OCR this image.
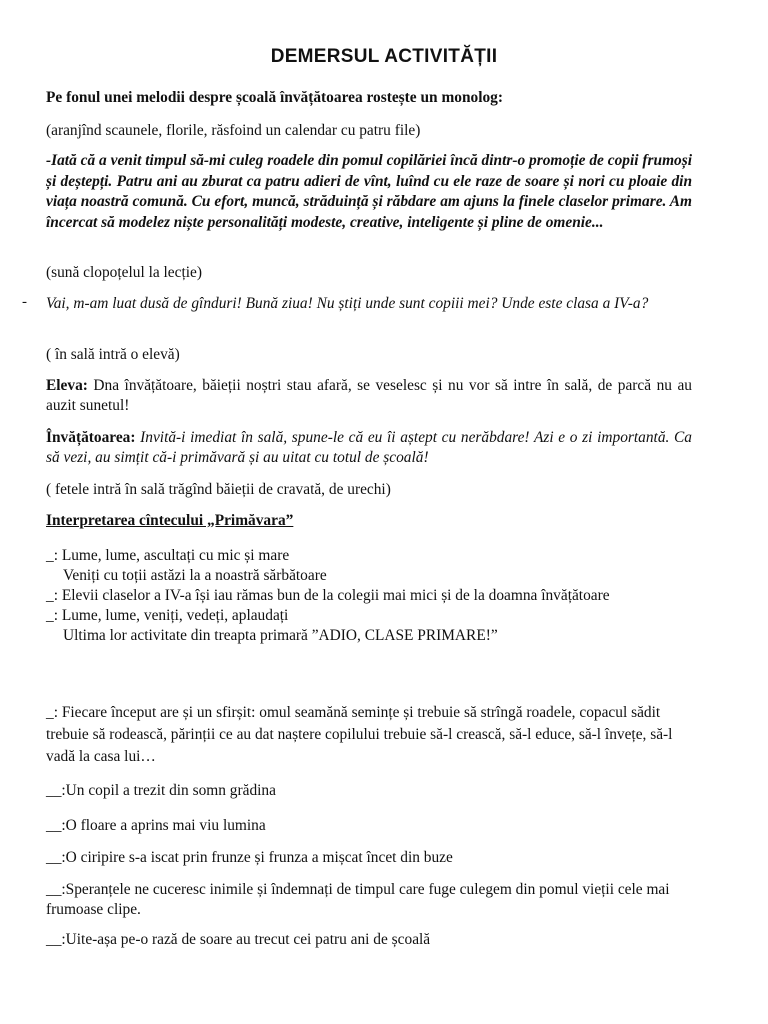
DEMERSUL ACTIVITĂȚII
Pe fonul unei melodii despre școală învățătoarea rostește un monolog:
(aranjînd scaunele, florile, răsfoind un calendar cu patru file)
-Iată că a venit timpul să-mi culeg roadele din pomul copilăriei încă dintr-o promoție de copii frumoși și deștepți. Patru ani au zburat ca patru adieri de vînt, luînd cu ele raze de soare și nori cu ploaie din viața noastră comună. Cu efort, muncă, străduință și răbdare am ajuns la finele claselor primare. Am încercat să modelez niște personalități modeste, creative, inteligente și pline de omenie...
(sună clopoțelul la lecție)
- Vai, m-am luat dusă de gînduri! Bună ziua! Nu știți unde sunt copiii mei? Unde este clasa a IV-a?
( în sală intră o elevă)
Eleva: Dna învățătoare, băieții noștri stau afară, se veselesc și nu vor să intre în sală, de parcă nu au auzit sunetul!
Învățătoarea: Invită-i imediat în sală, spune-le că eu îi aștept cu nerăbdare! Azi e o zi importantă. Ca să vezi, au simțit că-i primăvară și au uitat cu totul de școală!
( fetele intră în sală trăgînd băieții de cravată, de urechi)
Interpretarea cîntecului „Primăvara”
_: Lume, lume, ascultați cu mic și mare
Veniți cu toții astăzi la a noastră sărbătoare
_: Elevii claselor a IV-a își iau rămas bun de la colegii mai mici și de la doamna învățătoare
_: Lume, lume, veniți, vedeți, aplaudați
Ultima lor activitate din treapta primară ”ADIO, CLASE PRIMARE!”
_: Fiecare început are și un sfirșit: omul seamănă semințe și trebuie să strîngă roadele, copacul sădit trebuie să rodească, părinții ce au dat naștere copilului trebuie să-l crească, să-l educe, să-l învețe, să-l vadă la casa lui…
__:Un copil a trezit din somn grădina
__:O floare a aprins mai viu lumina
__:O ciripire s-a iscat prin frunze și frunza a mișcat încet din buze
__:Speranțele ne cuceresc inimile și îndemnați de timpul care fuge culegem din pomul vieții cele mai frumoase clipe.
__:Uite-așa pe-o rază de soare au trecut cei patru ani de școală
